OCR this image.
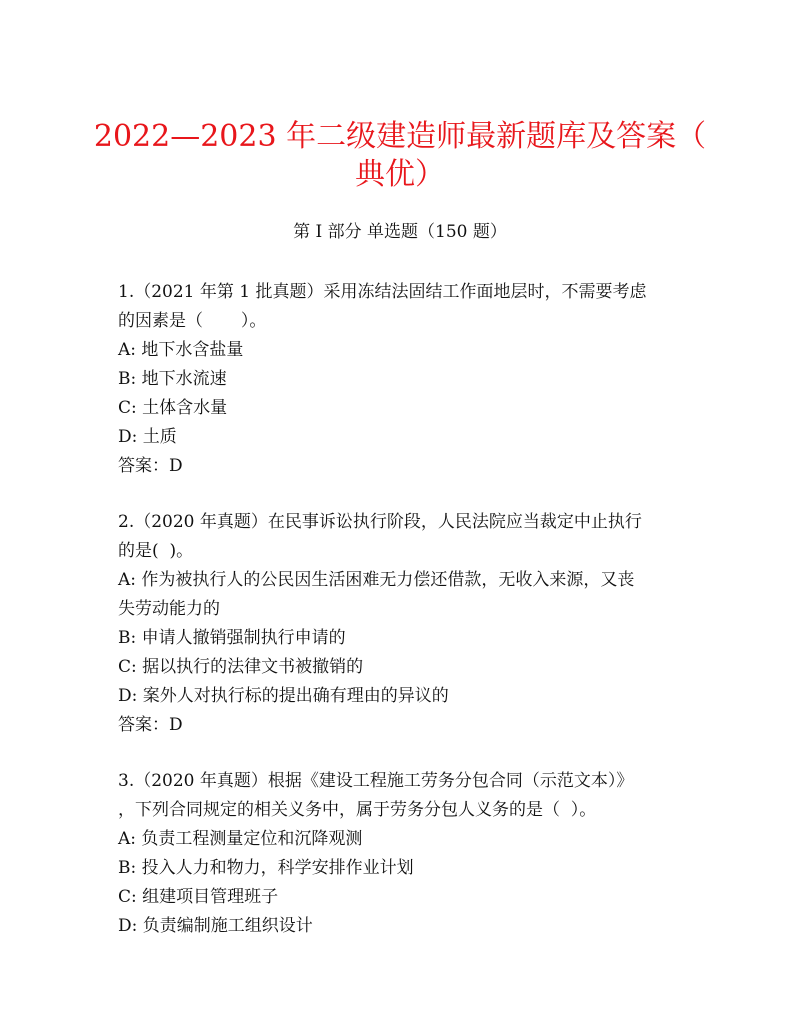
2022—2023 年二级建造师最新题库及答案（
典优）
第 I 部分 单选题（150 题）
1.（2021 年第 1 批真题）采用冻结法固结工作面地层时，不需要考虑
的因素是（       ）。
A: 地下水含盐量
B: 地下水流速
C: 土体含水量
D: 土质
答案：D
2.（2020 年真题）在民事诉讼执行阶段，人民法院应当裁定中止执行
的是(  )。
A: 作为被执行人的公民因生活困难无力偿还借款，无收入来源，又丧
失劳动能力的
B: 申请人撤销强制执行申请的
C: 据以执行的法律文书被撤销的
D: 案外人对执行标的提出确有理由的异议的
答案：D
3.（2020 年真题）根据《建设工程施工劳务分包合同（示范文本）》
，下列合同规定的相关义务中，属于劳务分包人义务的是（  ）。
A: 负责工程测量定位和沉降观测
B: 投入人力和物力，科学安排作业计划
C: 组建项目管理班子
D: 负责编制施工组织设计
